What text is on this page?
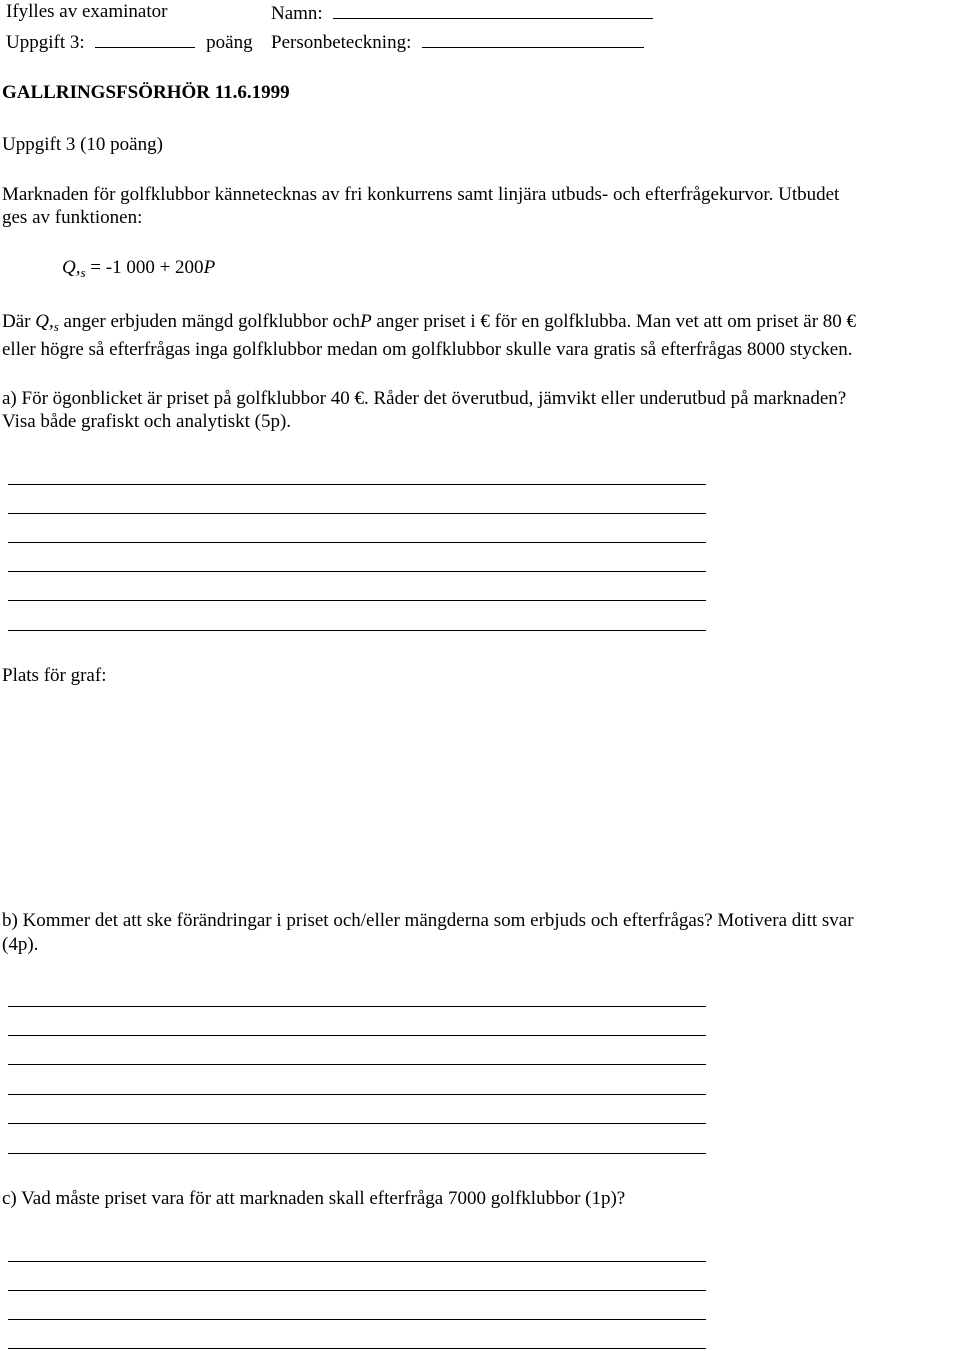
Ifylles av examinator	Namn:
Uppgift 3:	poäng Personbeteckning:
GALLRINGSFSÖRHÖR 11.6.1999
Uppgift 3 (10 poäng)
Marknaden för golfklubbor kännetecknas av fri konkurrens samt linjära utbuds- och efterfrågekurvor. Utbudet
ges av funktionen:
$Q,_s = -1$ 000 + 200P
Där $Q,_s$ anger erbjuden mängd golfklubbor ochP anger priset i € för en golfklubba. Man vet att om priset är 80 €
eller högre så efterfrågas inga golfklubbor medan om golfklubbor skulle vara gratis så efterfrågas 8000 stycken.
a) För ögonblicket är priset på golfklubbor 40 €. Råder det överutbud, jämvikt eller underutbud på marknaden?
Visa både grafiskt och analytiskt (5p).
Plats för graf:
b) Kommer det att ske förändringar i priset och/eller mängderna som erbjuds och efterfrågas? Motivera ditt svar
(4p).
c) Vad måste priset vara för att marknaden skall efterfråga 7000 golfklubbor (1p)?
